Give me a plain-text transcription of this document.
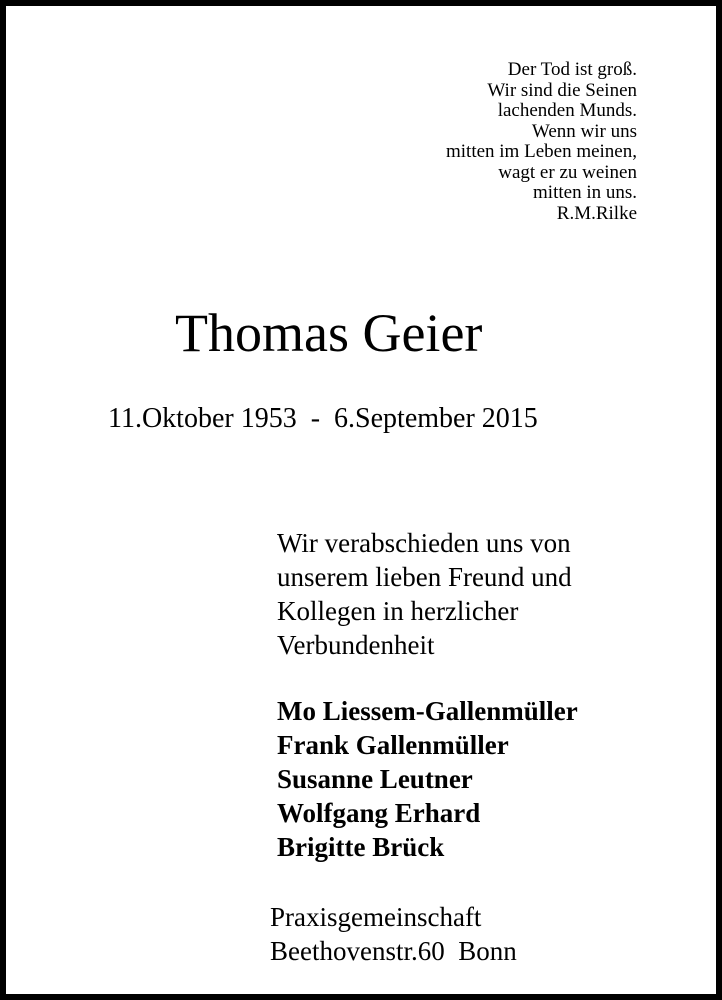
Der Tod ist groß.
Wir sind die Seinen
lachenden Munds.
Wenn wir uns
mitten im Leben meinen,
wagt er zu weinen
mitten in uns.
R.M.Rilke
Thomas Geier
11.Oktober 1953  -  6.September 2015
Wir verabschieden uns von
unserem lieben Freund und
Kollegen in herzlicher
Verbundenheit
Mo Liessem-Gallenmüller
Frank Gallenmüller
Susanne Leutner
Wolfgang Erhard
Brigitte Brück
Praxisgemeinschaft
Beethovenstr.60  Bonn
